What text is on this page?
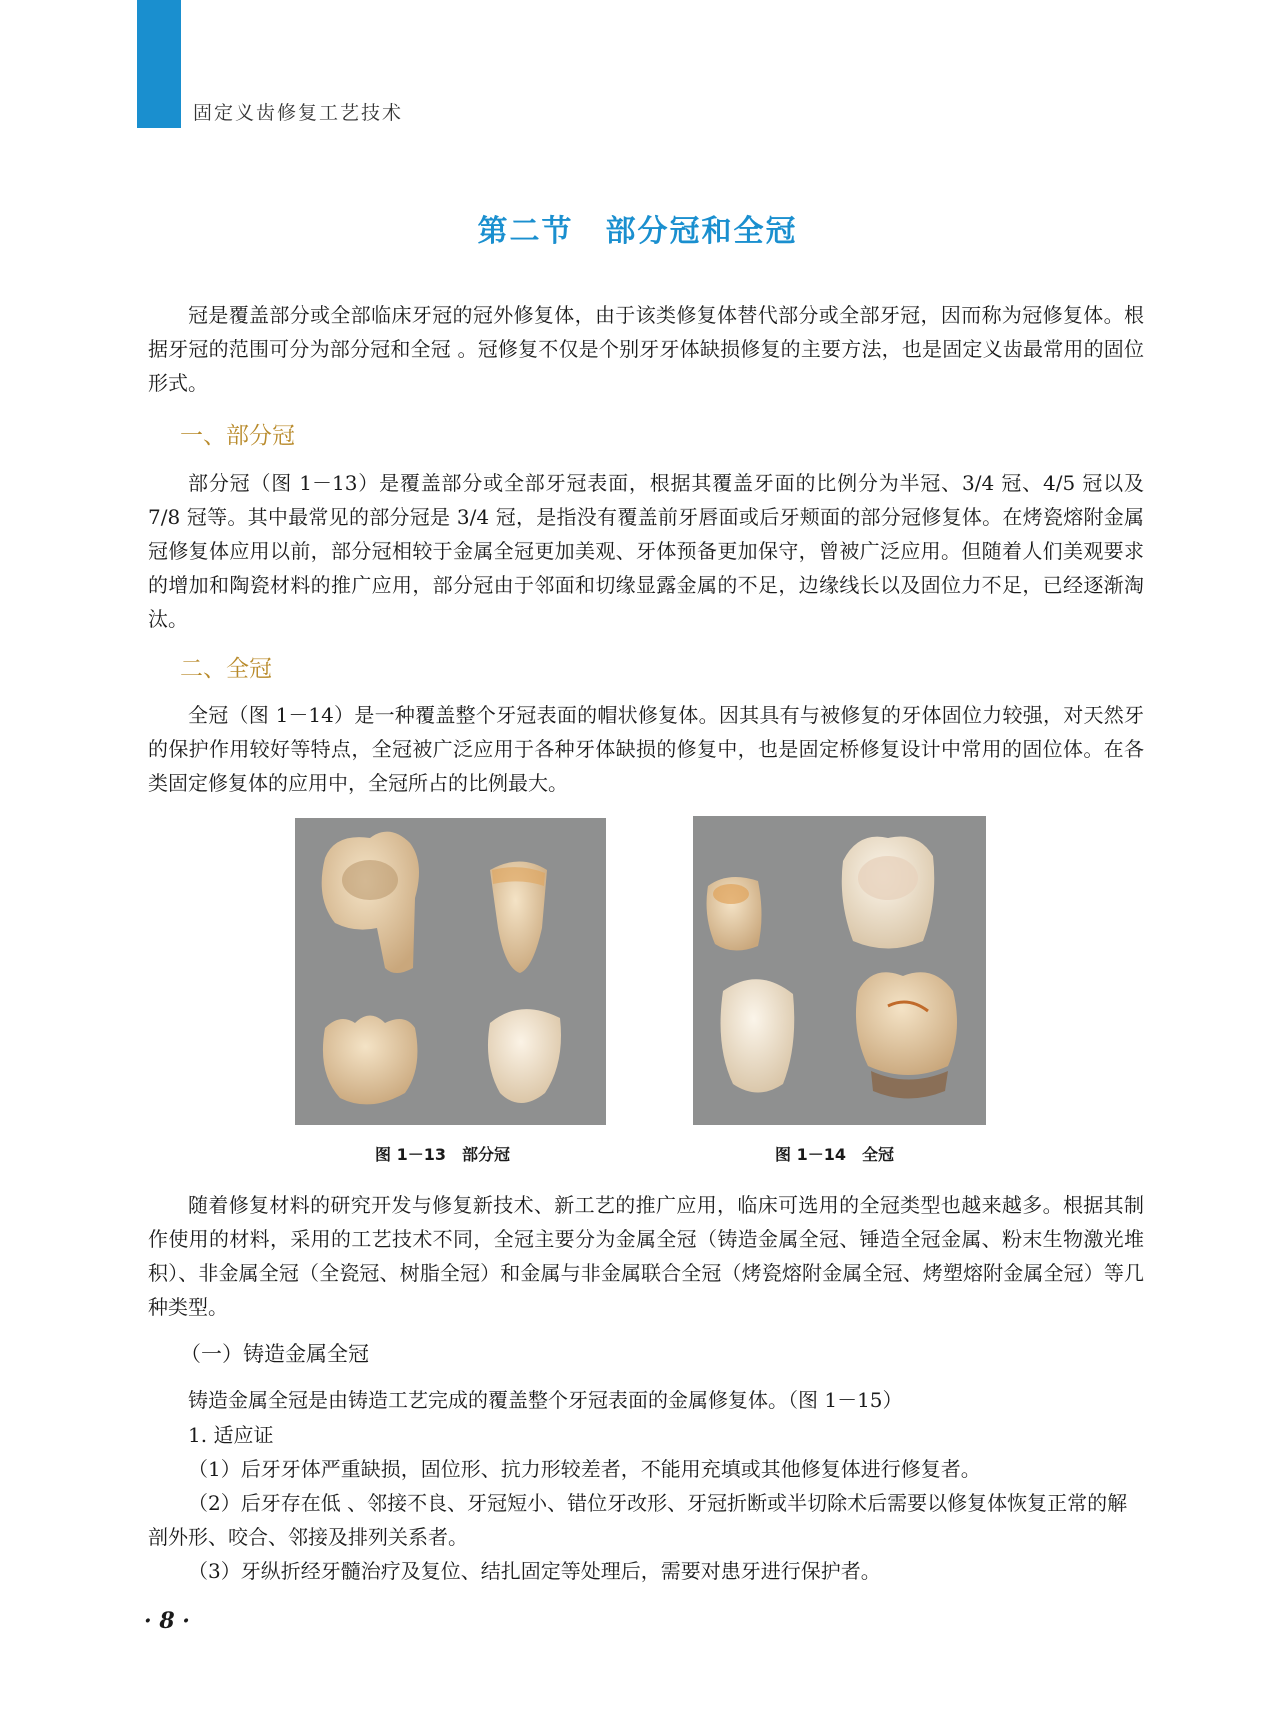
固定义齿修复工艺技术
第二节　部分冠和全冠

冠是覆盖部分或全部临床牙冠的冠外修复体，由于该类修复体替代部分或全部牙冠，因而称为冠修复体。根据牙冠的范围可分为部分冠和全冠 。冠修复不仅是个别牙牙体缺损修复的主要方法，也是固定义齿最常用的固位形式。

一、部分冠

部分冠（图 1－13）是覆盖部分或全部牙冠表面，根据其覆盖牙面的比例分为半冠、3/4 冠、4/5 冠以及 7/8 冠等。其中最常见的部分冠是 3/4 冠，是指没有覆盖前牙唇面或后牙颊面的部分冠修复体。在烤瓷熔附金属冠修复体应用以前，部分冠相较于金属全冠更加美观、牙体预备更加保守，曾被广泛应用。但随着人们美观要求的增加和陶瓷材料的推广应用，部分冠由于邻面和切缘显露金属的不足，边缘线长以及固位力不足，已经逐渐淘汰。

二、全冠

全冠（图 1－14）是一种覆盖整个牙冠表面的帽状修复体。因其具有与被修复的牙体固位力较强，对天然牙的保护作用较好等特点，全冠被广泛应用于各种牙体缺损的修复中，也是固定桥修复设计中常用的固位体。在各类固定修复体的应用中，全冠所占的比例最大。

图 1－13　部分冠	图 1－14　全冠

随着修复材料的研究开发与修复新技术、新工艺的推广应用，临床可选用的全冠类型也越来越多。根据其制作使用的材料，采用的工艺技术不同，全冠主要分为金属全冠（铸造金属全冠、锤造全冠金属、粉末生物激光堆积）、非金属全冠（全瓷冠、树脂全冠）和金属与非金属联合全冠（烤瓷熔附金属全冠、烤塑熔附金属全冠）等几种类型。

（一）铸造金属全冠
铸造金属全冠是由铸造工艺完成的覆盖整个牙冠表面的金属修复体。（图 1－15）
1. 适应证
（1）后牙牙体严重缺损，固位形、抗力形较差者，不能用充填或其他修复体进行修复者。
（2）后牙存在低 、邻接不良、牙冠短小、错位牙改形、牙冠折断或半切除术后需要以修复体恢复正常的解剖外形、咬合、邻接及排列关系者。
（3）牙纵折经牙髓治疗及复位、结扎固定等处理后，需要对患牙进行保护者。
· 8 ·
